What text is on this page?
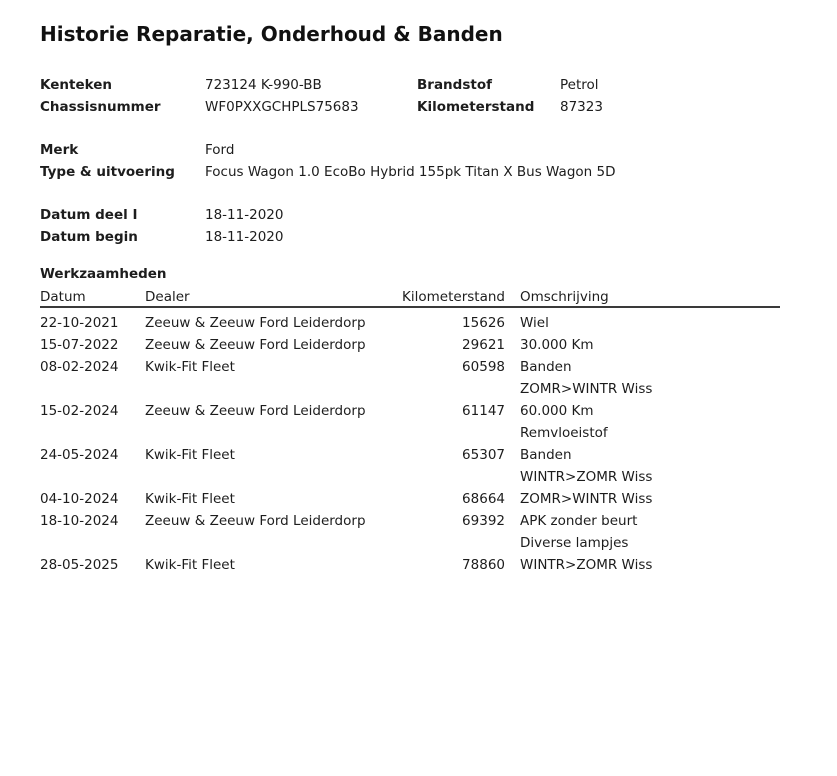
Historie Reparatie, Onderhoud & Banden
Kenteken	723124 K-990-BB	Brandstof	Petrol
Chassisnummer	WF0PXXGCHPLS75683	Kilometerstand	87323
Merk	Ford
Type & uitvoering	Focus Wagon 1.0 EcoBo Hybrid 155pk Titan X Bus Wagon 5D
Datum deel I	18-11-2020
Datum begin	18-11-2020
Werkzaamheden
Datum	Dealer	Kilometerstand	Omschrijving
22-10-2021	Zeeuw & Zeeuw Ford Leiderdorp	15626 Wiel
15-07-2022	Zeeuw & Zeeuw Ford Leiderdorp	29621 30.000 Km
08-02-2024	Kwik-Fit Fleet	60598 Banden
ZOMR>WINTR Wiss
15-02-2024	Zeeuw & Zeeuw Ford Leiderdorp	61147 60.000 Km
Remvloeistof
24-05-2024	Kwik-Fit Fleet	65307 Banden
WINTR>ZOMR Wiss
04-10-2024	Kwik-Fit Fleet	68664 ZOMR>WINTR Wiss
18-10-2024	Zeeuw & Zeeuw Ford Leiderdorp	69392 APK zonder beurt
Diverse lampjes
28-05-2025	Kwik-Fit Fleet	78860 WINTR>ZOMR Wiss
